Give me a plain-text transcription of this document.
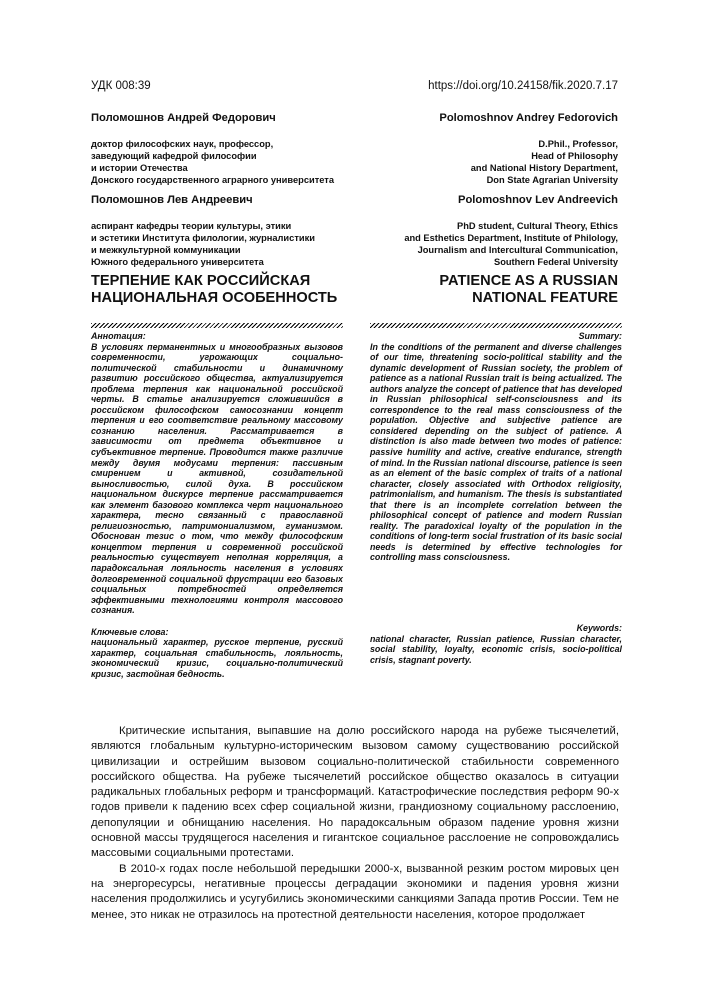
УДК 008:39	https://doi.org/10.24158/fik.2020.7.17
Поломошнов Андрей Федорович
доктор философских наук, профессор,
заведующий кафедрой философии
и истории Отечества
Донского государственного аграрного университета
Polomoshnov Andrey Fedorovich
D.Phil., Professor,
Head of Philosophy
and National History Department,
Don State Agrarian University
Поломошнов Лев Андреевич
аспирант кафедры теории культуры, этики
и эстетики Института филологии, журналистики
и межкультурной коммуникации
Южного федерального университета
Polomoshnov Lev Andreevich
PhD student, Cultural Theory, Ethics
and Esthetics Department, Institute of Philology,
Journalism and Intercultural Communication,
Southern Federal University
ТЕРПЕНИЕ КАК РОССИЙСКАЯ
НАЦИОНАЛЬНАЯ ОСОБЕННОСТЬ
PATIENCE AS A RUSSIAN
NATIONAL FEATURE
Аннотация:
В условиях перманентных и многообразных вызовов современности, угрожающих социально-политической стабильности и динамичному развитию российского общества, актуализируется проблема терпения как национальной российской черты. В статье анализируется сложившийся в российском философском самосознании концепт терпения и его соответствие реальному массовому сознанию населения. Рассматривается в зависимости от предмета объективное и субъективное терпение. Проводится также различие между двумя модусами терпения: пассивным смирением и активной, созидательной выносливостью, силой духа. В российском национальном дискурсе терпение рассматривается как элемент базового комплекса черт национального характера, тесно связанный с православной религиозностью, патримониализмом, гуманизмом. Обоснован тезис о том, что между философским концептом терпения и современной российской реальностью существует неполная корреляция, а парадоксальная лояльность населения в условиях долговременной социальной фрустрации его базовых социальных потребностей определяется эффективными технологиями контроля массового сознания.
Ключевые слова:
национальный характер, русское терпение, русский характер, социальная стабильность, лояльность, экономический кризис, социально-политический кризис, застойная бедность.
Summary:
In the conditions of the permanent and diverse challenges of our time, threatening socio-political stability and the dynamic development of Russian society, the problem of patience as a national Russian trait is being actualized. The authors analyze the concept of patience that has developed in Russian philosophical self-consciousness and its correspondence to the real mass consciousness of the population. Objective and subjective patience are considered depending on the subject of patience. A distinction is also made between two modes of patience: passive humility and active, creative endurance, strength of mind. In the Russian national discourse, patience is seen as an element of the basic complex of traits of a national character, closely associated with Orthodox religiosity, patrimonialism, and humanism. The thesis is substantiated that there is an incomplete correlation between the philosophical concept of patience and modern Russian reality. The paradoxical loyalty of the population in the conditions of long-term social frustration of its basic social needs is determined by effective technologies for controlling mass consciousness.
Keywords:
national character, Russian patience, Russian character, social stability, loyalty, economic crisis, socio-political crisis, stagnant poverty.

Критические испытания, выпавшие на долю российского народа на рубеже тысячелетий, являются глобальным культурно-историческим вызовом самому существованию российской цивилизации и острейшим вызовом социально-политической стабильности современного российского общества. На рубеже тысячелетий российское общество оказалось в ситуации радикальных глобальных реформ и трансформаций. Катастрофические последствия реформ 90-х годов привели к падению всех сфер социальной жизни, грандиозному социальному расслоению, депопуляции и обнищанию населения. Но парадоксальным образом падение уровня жизни основной массы трудящегося населения и гигантское социальное расслоение не сопровождались массовыми социальными протестами.

В 2010-х годах после небольшой передышки 2000-х, вызванной резким ростом мировых цен на энергоресурсы, негативные процессы деградации экономики и падения уровня жизни населения продолжились и усугубились экономическими санкциями Запада против России. Тем не менее, это никак не отразилось на протестной деятельности населения, которое продолжает
